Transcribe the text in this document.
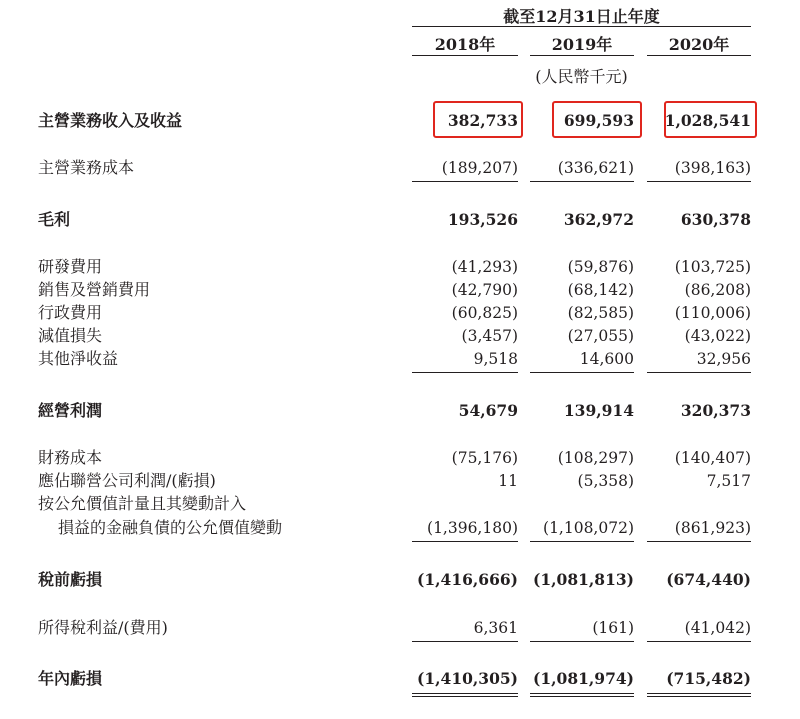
截至12月31日止年度
2018年	2019年	2020年
(人民幣千元)
主營業務收入及收益	382,733	699,593 1,028,541
主營業務成本	(189,207)	(336,621)	(398,163)
毛利	193,526	362,972	630,378
研發費用	(41,293)	(59,876)	(103,725)
銷售及營銷費用	(42,790)	(68,142)	(86,208)
行政費用	(60,825)	(82,585)	(110,006)
減值損失	(3,457)	(27,055)	(43,022)
其他淨收益	9,518	14,600	32,956
經營利潤	54,679	139,914	320,373
財務成本	(75,176)	(108,297)	(140,407)
應佔聯營公司利潤/(虧損)	11	(5,358)	7,517
按公允價值計量且其變動計入
損益的金融負債的公允價值變動	(1,396,180) (1,108,072)	(861,923)
稅前虧損	(1,416,666) (1,081,813) (674,440)
所得稅利益/(費用)	6,361	(161)	(41,042)
年內虧損	(1,410,305) (1,081,974) (715,482)
